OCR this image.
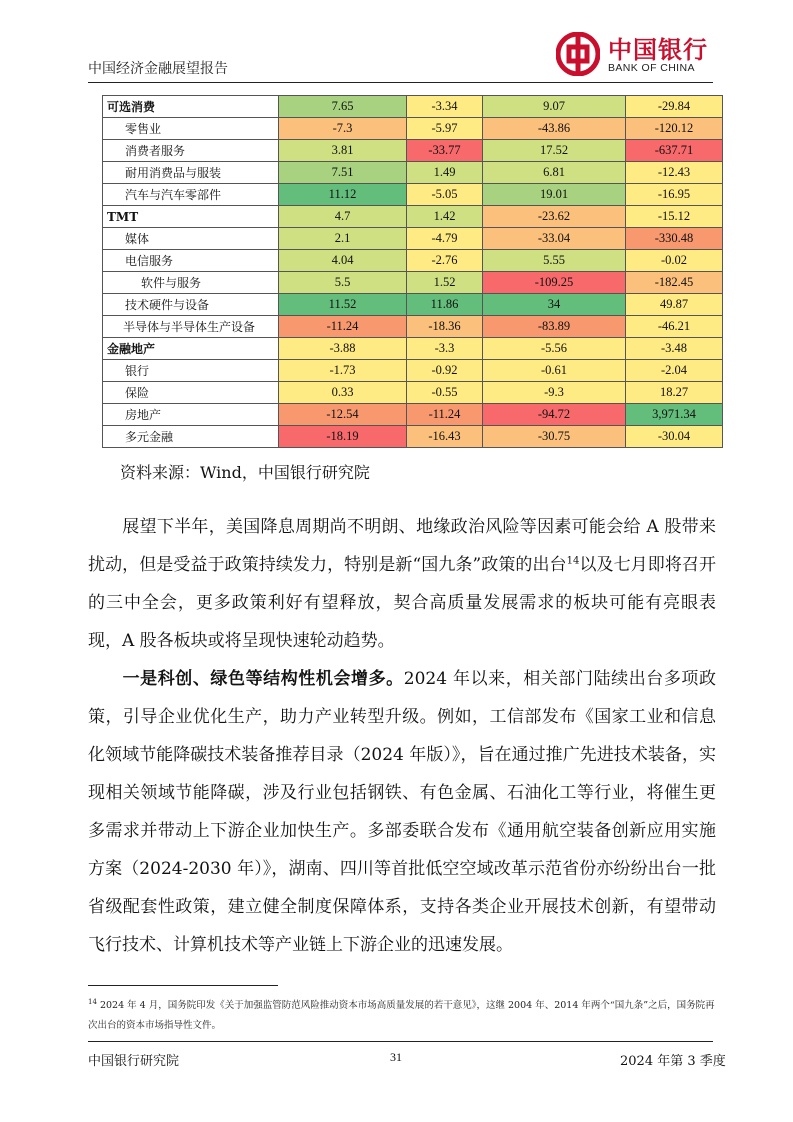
中国经济金融展望报告
中国银行
BANK OF CHINA
可选消费	7.65	-3.34	9.07	-29.84
零售业	-7.3	-5.97	-43.86	-120.12
消费者服务	3.81	-33.77	17.52	-637.71
耐用消费品与服装	7.51	1.49	6.81	-12.43
汽车与汽车零部件	11.12	-5.05	19.01	-16.95
TMT	4.7	1.42	-23.62	-15.12
媒体	2.1	-4.79	-33.04	-330.48
电信服务	4.04	-2.76	5.55	-0.02
软件与服务	5.5	1.52	-109.25	-182.45
技术硬件与设备	11.52	11.86	34	49.87
半导体与半导体生产设备	-11.24	-18.36	-83.89	-46.21
金融地产	-3.88	-3.3	-5.56	-3.48
银行	-1.73	-0.92	-0.61	-2.04
保险	0.33	-0.55	-9.3	18.27
房地产	-12.54	-11.24	-94.72	3,971.34
多元金融	-18.19	-16.43	-30.75	-30.04
资料来源：Wind，中国银行研究院
展望下半年，美国降息周期尚不明朗、地缘政治风险等因素可能会给 A 股带来扰动，但是受益于政策持续发力，特别是新“国九条”政策的出台$^{14}$以及七月即将召开的三中全会，更多政策利好有望释放，契合高质量发展需求的板块可能有亮眼表现，A 股各板块或将呈现快速轮动趋势。
一是科创、绿色等结构性机会增多。2024 年以来，相关部门陆续出台多项政策，引导企业优化生产，助力产业转型升级。例如，工信部发布《国家工业和信息化领域节能降碳技术装备推荐目录（2024 年版）》，旨在通过推广先进技术装备，实现相关领域节能降碳，涉及行业包括钢铁、有色金属、石油化工等行业，将催生更多需求并带动上下游企业加快生产。多部委联合发布《通用航空装备创新应用实施方案（2024-2030 年）》，湖南、四川等首批低空空域改革示范省份亦纷纷出台一批省级配套性政策，建立健全制度保障体系，支持各类企业开展技术创新，有望带动飞行技术、计算机技术等产业链上下游企业的迅速发展。
$^{14}$ 2024 年 4 月，国务院印发《关于加强监管防范风险推动资本市场高质量发展的若干意见》，这继 2004 年、2014 年两个“国九条”之后，国务院再次出台的资本市场指导性文件。
中国银行研究院	31	2024 年第 3 季度
